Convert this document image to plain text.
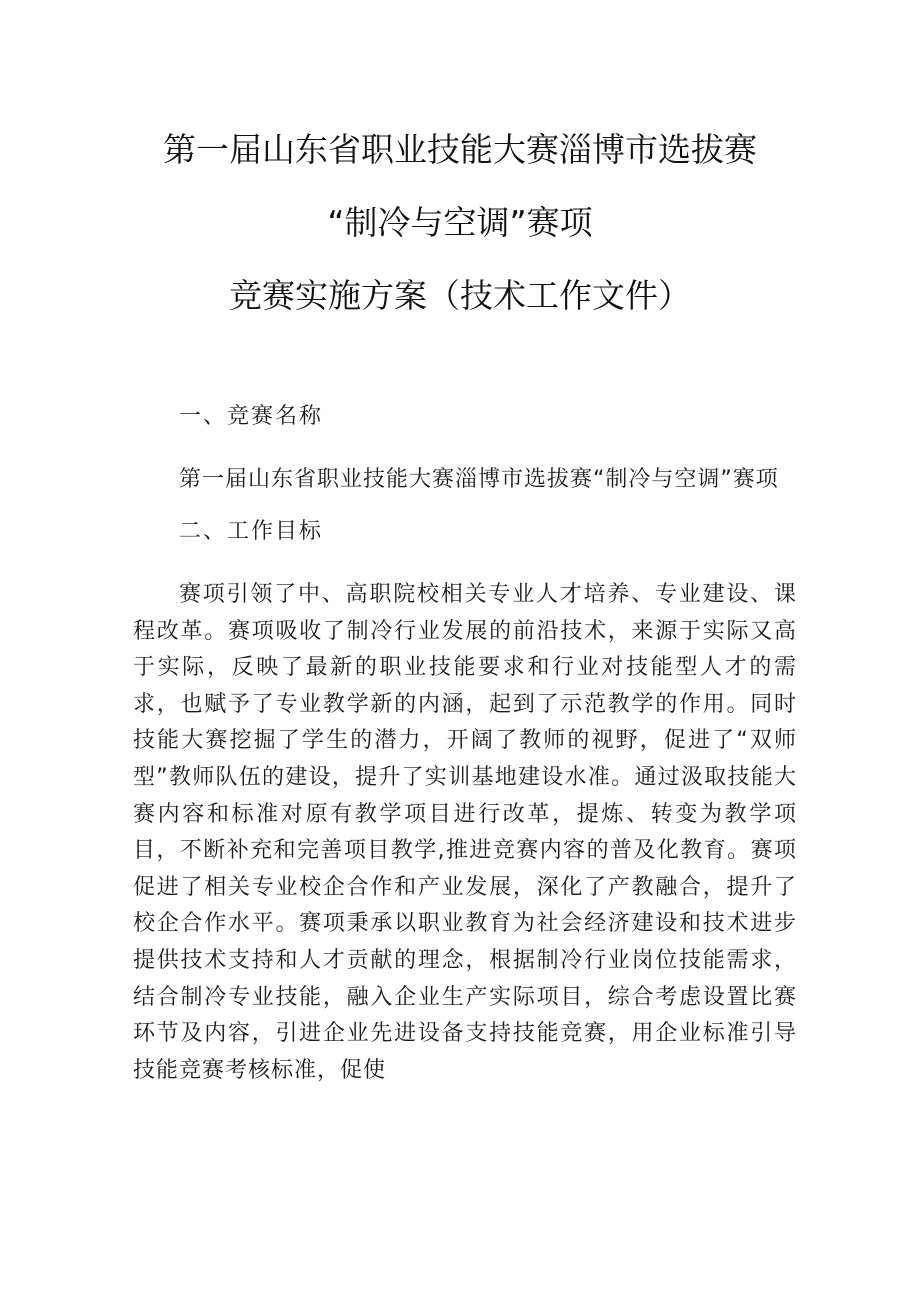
第一届山东省职业技能大赛淄博市选拔赛
“制冷与空调”赛项
竞赛实施方案（技术工作文件）
一、竞赛名称
第一届山东省职业技能大赛淄博市选拔赛“制冷与空调”赛项
二、工作目标
赛项引领了中、高职院校相关专业人才培养、专业建设、课程改革。赛项吸收了制冷行业发展的前沿技术，来源于实际又高于实际，反映了最新的职业技能要求和行业对技能型人才的需求，也赋予了专业教学新的内涵，起到了示范教学的作用。同时技能大赛挖掘了学生的潜力，开阔了教师的视野，促进了“双师型”教师队伍的建设，提升了实训基地建设水准。通过汲取技能大赛内容和标准对原有教学项目进行改革，提炼、转变为教学项目，不断补充和完善项目教学,推进竞赛内容的普及化教育。赛项促进了相关专业校企合作和产业发展，深化了产教融合，提升了校企合作水平。赛项秉承以职业教育为社会经济建设和技术进步提供技术支持和人才贡献的理念，根据制冷行业岗位技能需求，结合制冷专业技能，融入企业生产实际项目，综合考虑设置比赛环节及内容，引进企业先进设备支持技能竞赛，用企业标准引导技能竞赛考核标准，促使
